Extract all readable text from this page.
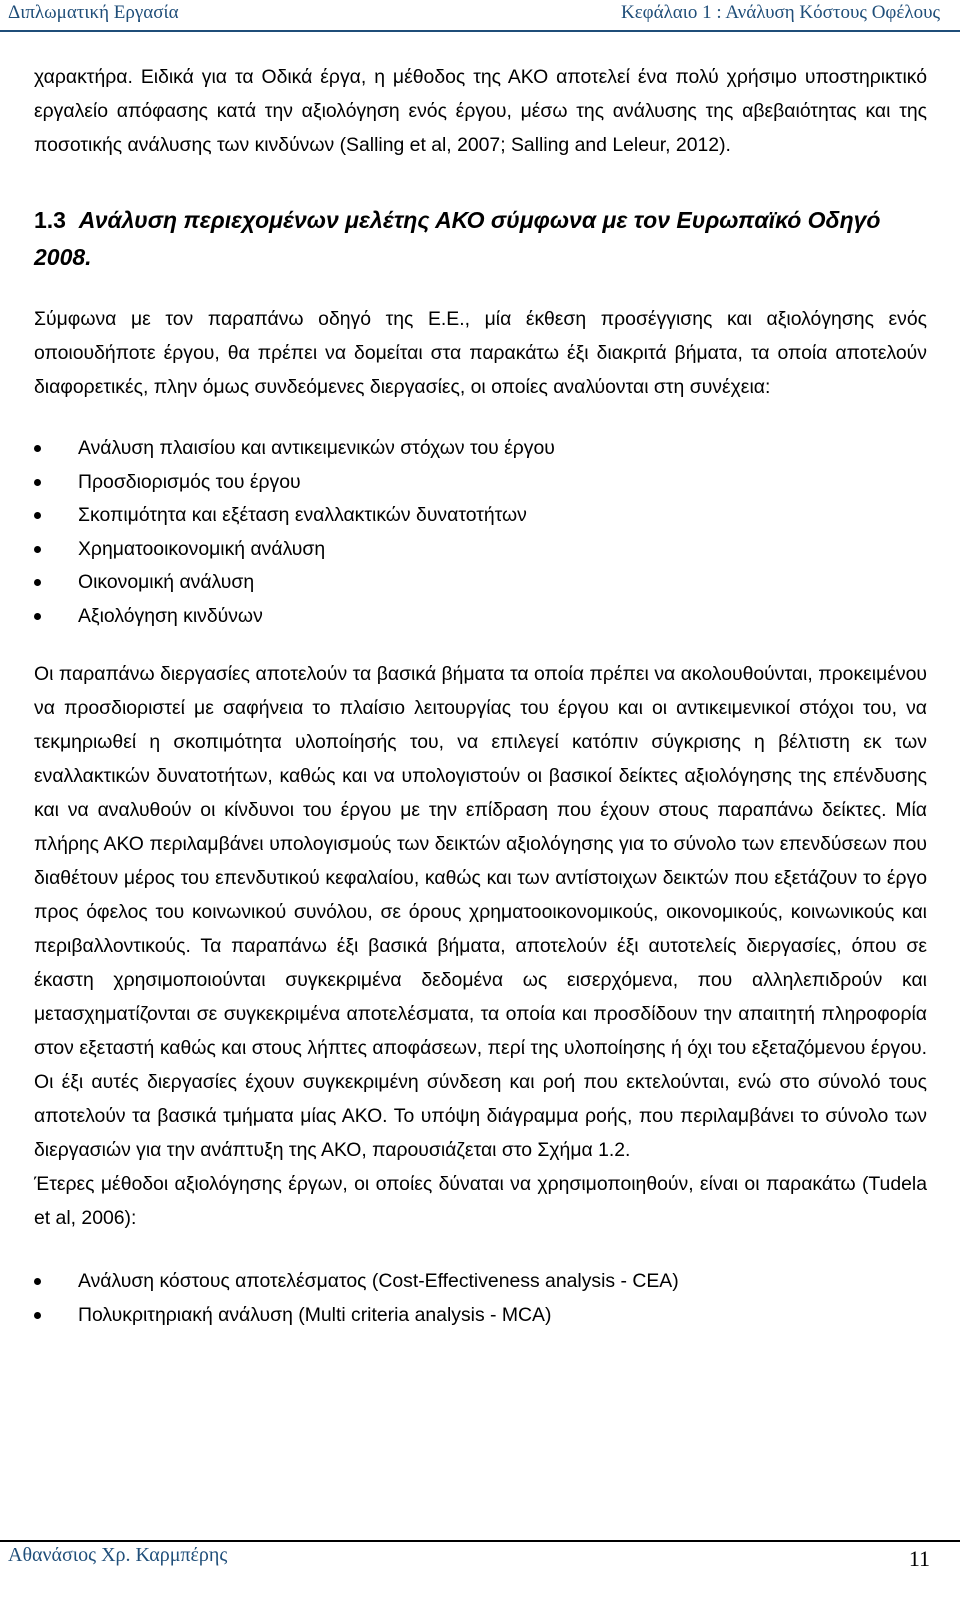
Διπλωματική Εργασία	Κεφάλαιο 1 : Ανάλυση Κόστους Οφέλους

χαρακτήρα. Ειδικά για τα Οδικά έργα, η μέθοδος της ΑΚΟ αποτελεί ένα πολύ χρήσιμο υποστηρικτικό εργαλείο απόφασης κατά την αξιολόγηση ενός έργου, μέσω της ανάλυσης της αβεβαιότητας και της ποσοτικής ανάλυσης των κινδύνων (Salling et al, 2007; Salling and Leleur, 2012).

1.3 Ανάλυση περιεχομένων μελέτης ΑΚΟ σύμφωνα με τον Ευρωπαϊκό Οδηγό 2008.

Σύμφωνα με τον παραπάνω οδηγό της Ε.Ε., μία έκθεση προσέγγισης και αξιολόγησης ενός οποιουδήποτε έργου, θα πρέπει να δομείται στα παρακάτω έξι διακριτά βήματα, τα οποία αποτελούν διαφορετικές, πλην όμως συνδεόμενες διεργασίες, οι οποίες αναλύονται στη συνέχεια:

Ανάλυση πλαισίου και αντικειμενικών στόχων του έργου
Προσδιορισμός του έργου
Σκοπιμότητα και εξέταση εναλλακτικών δυνατοτήτων
Χρηματοοικονομική ανάλυση
Οικονομική ανάλυση
Αξιολόγηση κινδύνων

Οι παραπάνω διεργασίες αποτελούν τα βασικά βήματα τα οποία πρέπει να ακολουθούνται, προκειμένου να προσδιοριστεί με σαφήνεια το πλαίσιο λειτουργίας του έργου και οι αντικειμενικοί στόχοι του, να τεκμηριωθεί η σκοπιμότητα υλοποίησής του, να επιλεγεί κατόπιν σύγκρισης η βέλτιστη εκ των εναλλακτικών δυνατοτήτων, καθώς και να υπολογιστούν οι βασικοί δείκτες αξιολόγησης της επένδυσης και να αναλυθούν οι κίνδυνοι του έργου με την επίδραση που έχουν στους παραπάνω δείκτες. Μία πλήρης ΑΚΟ περιλαμβάνει υπολογισμούς των δεικτών αξιολόγησης για το σύνολο των επενδύσεων που διαθέτουν μέρος του επενδυτικού κεφαλαίου, καθώς και των αντίστοιχων δεικτών που εξετάζουν το έργο προς όφελος του κοινωνικού συνόλου, σε όρους χρηματοοικονομικούς, οικονομικούς, κοινωνικούς και περιβαλλοντικούς. Τα παραπάνω έξι βασικά βήματα, αποτελούν έξι αυτοτελείς διεργασίες, όπου σε έκαστη χρησιμοποιούνται συγκεκριμένα δεδομένα ως εισερχόμενα, που αλληλεπιδρούν και μετασχηματίζονται σε συγκεκριμένα αποτελέσματα, τα οποία και προσδίδουν την απαιτητή πληροφορία στον εξεταστή καθώς και στους λήπτες αποφάσεων, περί της υλοποίησης ή όχι του εξεταζόμενου έργου. Οι έξι αυτές διεργασίες έχουν συγκεκριμένη σύνδεση και ροή που εκτελούνται, ενώ στο σύνολό τους αποτελούν τα βασικά τμήματα μίας ΑΚΟ. Το υπόψη διάγραμμα ροής, που περιλαμβάνει το σύνολο των διεργασιών για την ανάπτυξη της ΑΚΟ, παρουσιάζεται στο Σχήμα 1.2.

Έτερες μέθοδοι αξιολόγησης έργων, οι οποίες δύναται να χρησιμοποιηθούν, είναι οι παρακάτω (Tudela et al, 2006):

Ανάλυση κόστους αποτελέσματος (Cost-Effectiveness analysis - CEA)
Πολυκριτηριακή ανάλυση (Multi criteria analysis - MCA)
Αθανάσιος Χρ. Καρμπέρης	11
